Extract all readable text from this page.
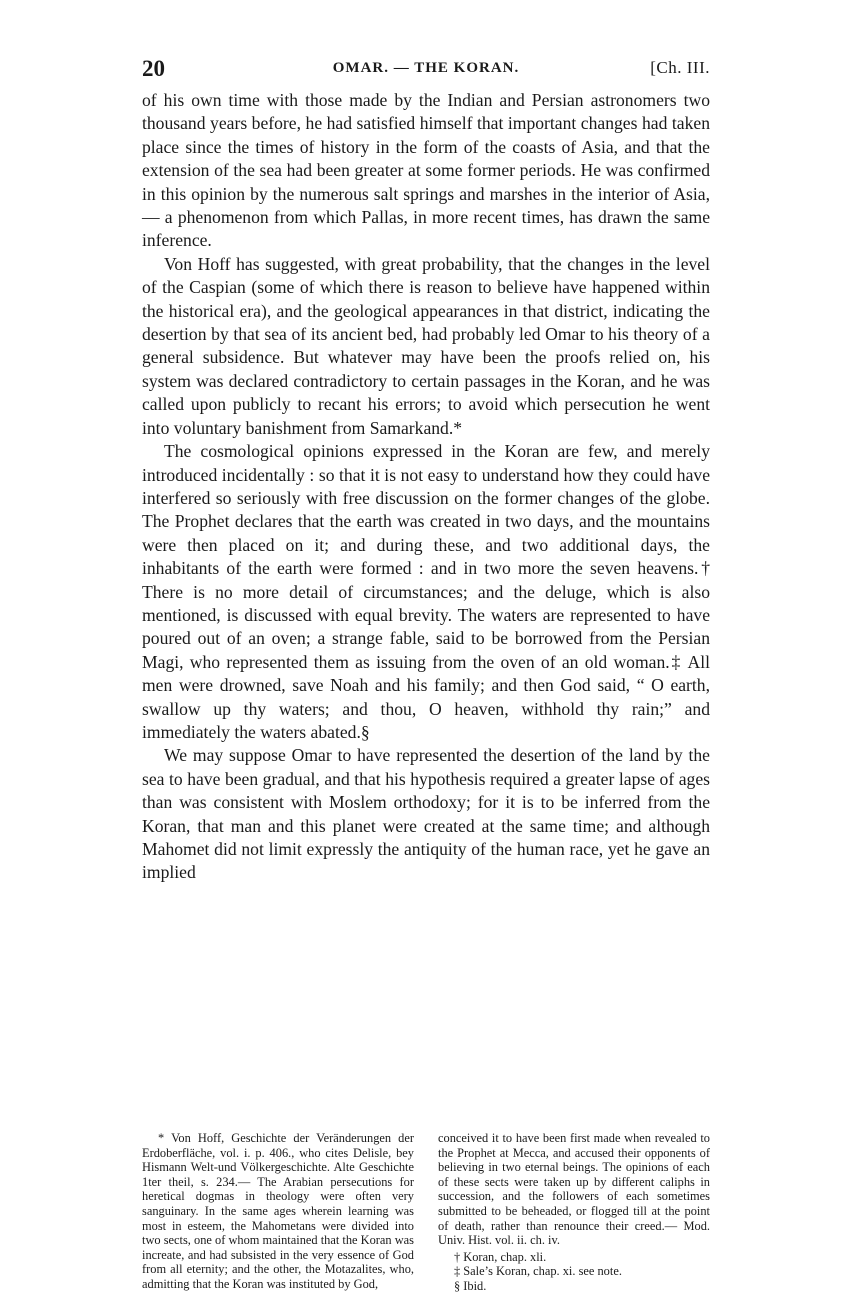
20	OMAR. — THE KORAN.	[Ch. III.

of his own time with those made by the Indian and Persian astronomers two thousand years before, he had satisfied himself that important changes had taken place since the times of history in the form of the coasts of Asia, and that the extension of the sea had been greater at some former periods. He was confirmed in this opinion by the numerous salt springs and marshes in the interior of Asia, — a phenomenon from which Pallas, in more recent times, has drawn the same inference.

Von Hoff has suggested, with great probability, that the changes in the level of the Caspian (some of which there is reason to believe have happened within the historical era), and the geological appearances in that district, indicating the desertion by that sea of its ancient bed, had probably led Omar to his theory of a general subsidence. But whatever may have been the proofs relied on, his system was declared contradictory to certain passages in the Koran, and he was called upon publicly to recant his errors; to avoid which persecution he went into voluntary banishment from Samarkand.*

The cosmological opinions expressed in the Koran are few, and merely introduced incidentally : so that it is not easy to understand how they could have interfered so seriously with free discussion on the former changes of the globe. The Prophet declares that the earth was created in two days, and the mountains were then placed on it; and during these, and two additional days, the inhabitants of the earth were formed : and in two more the seven heavens.† There is no more detail of circumstances; and the deluge, which is also mentioned, is discussed with equal brevity. The waters are represented to have poured out of an oven; a strange fable, said to be borrowed from the Persian Magi, who represented them as issuing from the oven of an old woman.‡ All men were drowned, save Noah and his family; and then God said, “ O earth, swallow up thy waters; and thou, O heaven, withhold thy rain;” and immediately the waters abated.§

We may suppose Omar to have represented the desertion of the land by the sea to have been gradual, and that his hypothesis required a greater lapse of ages than was consistent with Moslem orthodoxy; for it is to be inferred from the Koran, that man and this planet were created at the same time; and although Mahomet did not limit expressly the antiquity of the human race, yet he gave an implied

* Von Hoff, Geschichte der Veränderungen der Erdoberfläche, vol. i. p. 406., who cites Delisle, bey Hismann Welt-und Völkergeschichte. Alte Geschichte 1ter theil, s. 234.— The Arabian persecutions for heretical dogmas in theology were often very sanguinary. In the same ages wherein learning was most in esteem, the Mahometans were divided into two sects, one of whom maintained that the Koran was increate, and had subsisted in the very essence of God from all eternity; and the other, the Motazalites, who, admitting that the Koran was instituted by God,

conceived it to have been first made when revealed to the Prophet at Mecca, and accused their opponents of believing in two eternal beings. The opinions of each of these sects were taken up by different caliphs in succession, and the followers of each sometimes submitted to be beheaded, or flogged till at the point of death, rather than renounce their creed.— Mod. Univ. Hist. vol. ii. ch. iv.

† Koran, chap. xli.
‡ Sale’s Koran, chap. xi. see note.
§ Ibid.
